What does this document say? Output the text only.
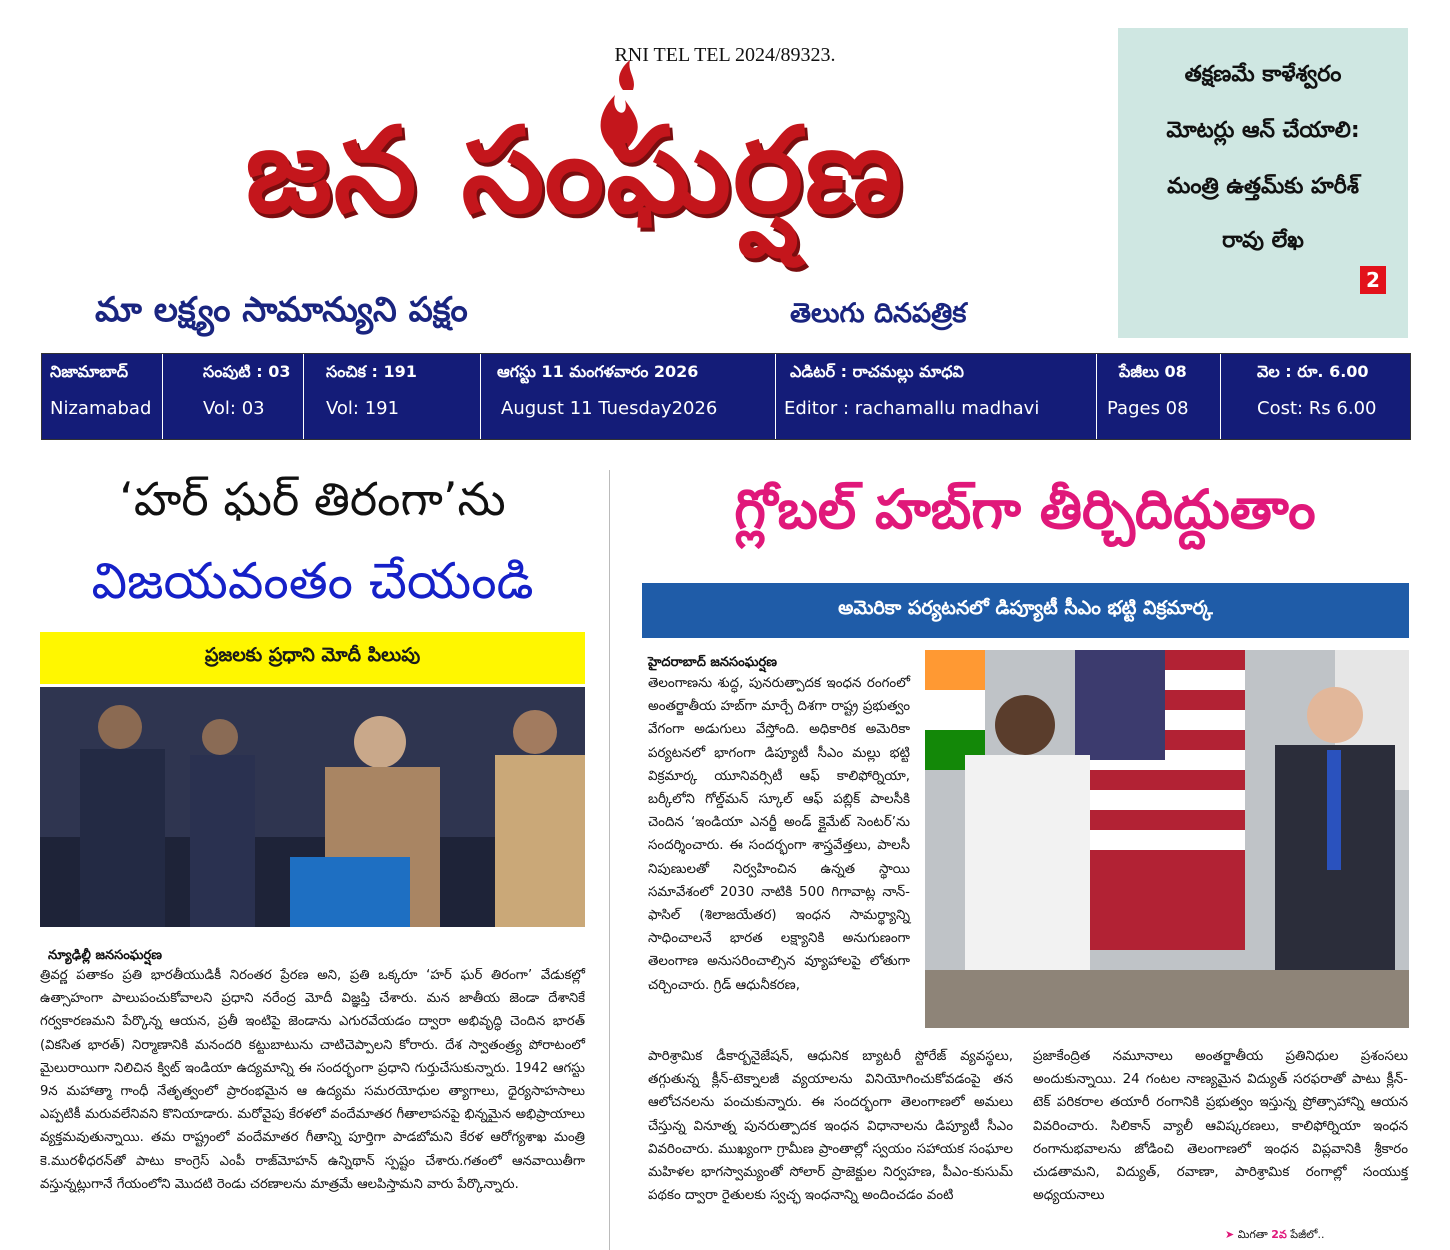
RNI TEL TEL 2024/89323.
జన సంఘర్షణ
మా లక్ష్యం సామాన్యుని పక్షం	తెలుగు దినపత్రిక
తక్షణమే కాళేశ్వరం
మోటర్లు ఆన్ చేయాలి:
మంత్రి ఉత్తమ్‌కు హరీశ్
రావు లేఖ
2
నిజామాబాద్
Nizamabad
సంపుటి : 03
Vol: 03
సంచిక : 191
Vol: 191
ఆగస్టు 11 మంగళవారం 2026
August 11 Tuesday2026
ఎడిటర్ : రాచమల్లు మాధవి
Editor : rachamallu madhavi
పేజీలు 08
Pages 08
వెల : రూ. 6.00
Cost: Rs 6.00
‘హర్ ఘర్ తిరంగా’ను
విజయవంతం చేయండి
ప్రజలకు ప్రధాని మోదీ పిలుపు
న్యూఢిల్లీ జనసంఘర్షణ
త్రివర్ణ పతాకం ప్రతి భారతీయుడికీ నిరంతర ప్రేరణ అని, ప్రతి ఒక్కరూ ‘హర్ ఘర్ తిరంగా’ వేడుకల్లో ఉత్సాహంగా పాలుపంచుకోవాలని ప్రధాని నరేంద్ర మోదీ విజ్ఞప్తి చేశారు. మన జాతీయ జెండా దేశానికే గర్వకారణమని పేర్కొన్న ఆయన, ప్రతీ ఇంటిపై జెండాను ఎగురవేయడం ద్వారా అభివృద్ధి చెందిన భారత్ (వికసిత భారత్) నిర్మాణానికి మనందరి కట్టుబాటును చాటిచెప్పాలని కోరారు. దేశ స్వాతంత్ర్య పోరాటంలో మైలురాయిగా నిలిచిన క్విట్ ఇండియా ఉద్యమాన్ని ఈ సందర్భంగా ప్రధాని గుర్తుచేసుకున్నారు. 1942 ఆగస్టు 9న మహాత్మా గాంధీ నేతృత్వంలో ప్రారంభమైన ఆ ఉద్యమ సమరయోధుల త్యాగాలు, ధైర్యసాహసాలు ఎప్పటికీ మరువలేనివని కొనియాడారు. మరోవైపు కేరళలో వందేమాతర గీతాలాపనపై భిన్నమైన అభిప్రాయాలు వ్యక్తమవుతున్నాయి. తమ రాష్ట్రంలో వందేమాతర గీతాన్ని పూర్తిగా పాడబోమని కేరళ ఆరోగ్యశాఖ మంత్రి కె.మురళీధరన్‌తో పాటు కాంగ్రెస్ ఎంపీ రాజ్‌మోహన్ ఉన్నిథాన్ స్పష్టం చేశారు.గతంలో ఆనవాయితీగా వస్తున్నట్లుగానే గేయంలోని మొదటి రెండు చరణాలను మాత్రమే ఆలపిస్తామని వారు పేర్కొన్నారు.
గ్లోబల్ హబ్‌గా తీర్చిదిద్దుతాం
అమెరికా పర్యటనలో డిప్యూటీ సీఎం భట్టి విక్రమార్క
హైదరాబాద్ జనసంఘర్షణ
తెలంగాణను శుద్ధ, పునరుత్పాదక ఇంధన రంగంలో అంతర్జాతీయ హబ్‌గా మార్చే దిశగా రాష్ట్ర ప్రభుత్వం వేగంగా అడుగులు వేస్తోంది. అధికారిక అమెరికా పర్యటనలో భాగంగా డిప్యూటీ సీఎం మల్లు భట్టి విక్రమార్క యూనివర్సిటీ ఆఫ్ కాలిఫోర్నియా, బర్కీలోని గోల్డ్‌మన్ స్కూల్ ఆఫ్ పబ్లిక్ పాలసీకి చెందిన ‘ఇండియా ఎనర్జీ అండ్ క్లైమేట్ సెంటర్’ను సందర్శించారు. ఈ సందర్భంగా శాస్త్రవేత్తలు, పాలసీ నిపుణులతో నిర్వహించిన ఉన్నత స్థాయి సమావేశంలో 2030 నాటికి 500 గిగావాట్ల నాన్-ఫాసిల్ (శిలాజయేతర) ఇంధన సామర్థ్యాన్ని సాధించాలనే భారత లక్ష్యానికి అనుగుణంగా తెలంగాణ అనుసరించాల్సిన వ్యూహాలపై లోతుగా చర్చించారు. గ్రిడ్ ఆధునీకరణ,
పారిశ్రామిక డీకార్బనైజేషన్, ఆధునిక బ్యాటరీ స్టోరేజ్ వ్యవస్థలు, తగ్గుతున్న క్లీన్-టెక్నాలజీ వ్యయాలను వినియోగించుకోవడంపై తన ఆలోచనలను పంచుకున్నారు. ఈ సందర్భంగా తెలంగాణలో అమలు చేస్తున్న వినూత్న పునరుత్పాదక ఇంధన విధానాలను డిప్యూటీ సీఎం వివరించారు. ముఖ్యంగా గ్రామీణ ప్రాంతాల్లో స్వయం సహాయక సంఘాల మహిళల భాగస్వామ్యంతో సోలార్ ప్రాజెక్టుల నిర్వహణ, పీఎం-కుసుమ్ పథకం ద్వారా రైతులకు స్వచ్ఛ ఇంధనాన్ని అందించడం వంటి
ప్రజాకేంద్రిత నమూనాలు అంతర్జాతీయ ప్రతినిధుల ప్రశంసలు అందుకున్నాయి. 24 గంటల నాణ్యమైన విద్యుత్ సరఫరాతో పాటు క్లీన్-టెక్ పరికరాల తయారీ రంగానికి ప్రభుత్వం ఇస్తున్న ప్రోత్సాహాన్ని ఆయన వివరించారు. సిలికాన్ వ్యాలీ ఆవిష్కరణలు, కాలిఫోర్నియా ఇంధన రంగానుభవాలను జోడించి తెలంగాణలో ఇంధన విప్లవానికి శ్రీకారం చుడతామని, విద్యుత్, రవాణా, పారిశ్రామిక రంగాల్లో సంయుక్త అధ్యయనాలు
➤ మిగతా 2వ పేజీలో..
